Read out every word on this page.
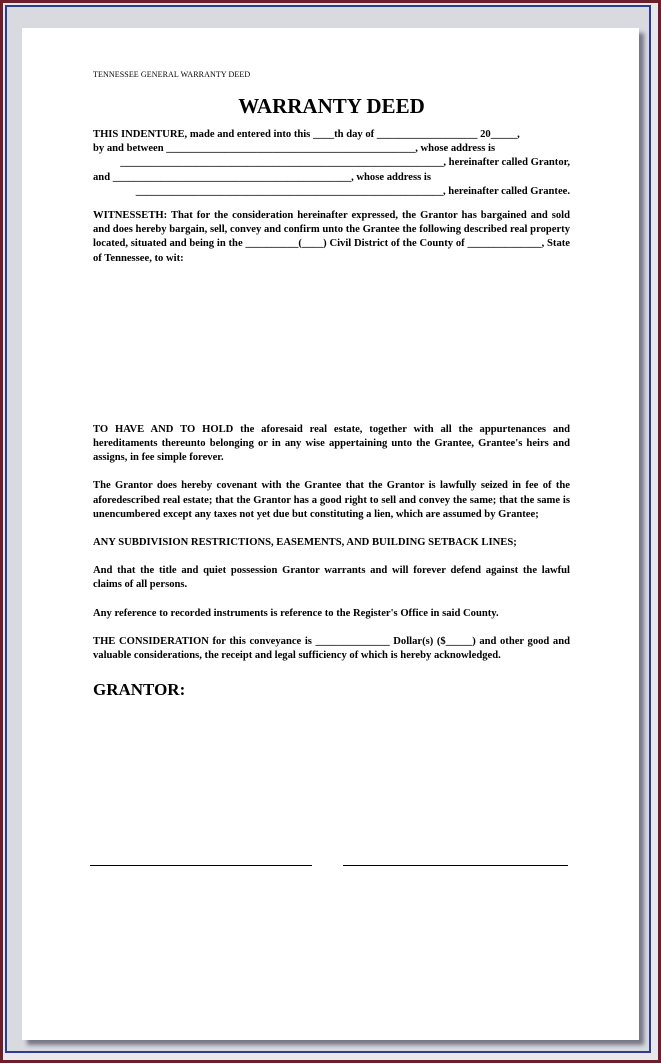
TENNESSEE GENERAL WARRANTY DEED

WARRANTY DEED

THIS INDENTURE, made and entered into this ____th day of ___________________ 20_____,
by and between _______________________________________________, whose address is
_____________________________________________________________, hereinafter called Grantor,
and _____________________________________________, whose address is
__________________________________________________________, hereinafter called Grantee.

WITNESSETH: That for the consideration hereinafter expressed, the Grantor has bargained and sold and does hereby bargain, sell, convey and confirm unto the Grantee the following described real property located, situated and being in the __________(____) Civil District of the County of ______________, State of Tennessee, to wit:

TO HAVE AND TO HOLD the aforesaid real estate, together with all the appurtenances and hereditaments thereunto belonging or in any wise appertaining unto the Grantee, Grantee's heirs and assigns, in fee simple forever.

The Grantor does hereby covenant with the Grantee that the Grantor is lawfully seized in fee of the aforedescribed real estate; that the Grantor has a good right to sell and convey the same; that the same is unencumbered except any taxes not yet due but constituting a lien, which are assumed by Grantee;

ANY SUBDIVISION RESTRICTIONS, EASEMENTS, AND BUILDING SETBACK LINES;

And that the title and quiet possession Grantor warrants and will forever defend against the lawful claims of all persons.

Any reference to recorded instruments is reference to the Register's Office in said County.

THE CONSIDERATION for this conveyance is ______________ Dollar(s) ($_____) and other good and valuable considerations, the receipt and legal sufficiency of which is hereby acknowledged.

GRANTOR:
